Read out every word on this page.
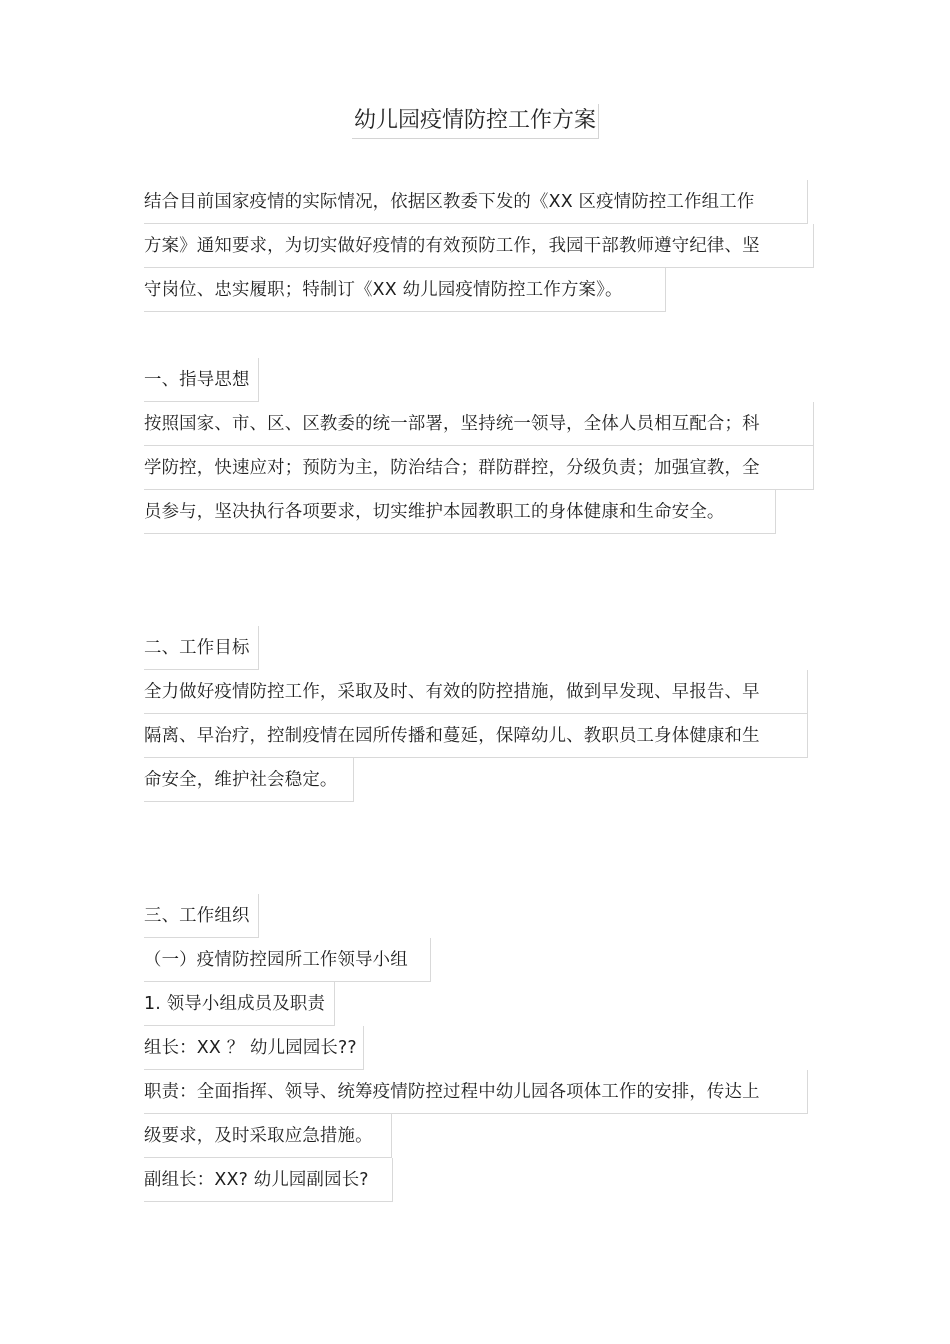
幼儿园疫情防控工作方案
结合目前国家疫情的实际情况，依据区教委下发的《XX 区疫情防控工作组工作
方案》通知要求，为切实做好疫情的有效预防工作，我园干部教师遵守纪律、坚
守岗位、忠实履职；特制订《XX 幼儿园疫情防控工作方案》。
一、指导思想
按照国家、市、区、区教委的统一部署，坚持统一领导，全体人员相互配合；科
学防控，快速应对；预防为主，防治结合；群防群控，分级负责；加强宣教，全
员参与，坚决执行各项要求，切实维护本园教职工的身体健康和生命安全。
二、工作目标
全力做好疫情防控工作，采取及时、有效的防控措施，做到早发现、早报告、早
隔离、早治疗，控制疫情在园所传播和蔓延，保障幼儿、教职员工身体健康和生
命安全，维护社会稳定。
三、工作组织
（一）疫情防控园所工作领导小组
1. 领导小组成员及职责
组长：XX ？ 幼儿园园长??
职责：全面指挥、领导、统筹疫情防控过程中幼儿园各项体工作的安排，传达上
级要求，及时采取应急措施。
副组长：XX? 幼儿园副园长?
